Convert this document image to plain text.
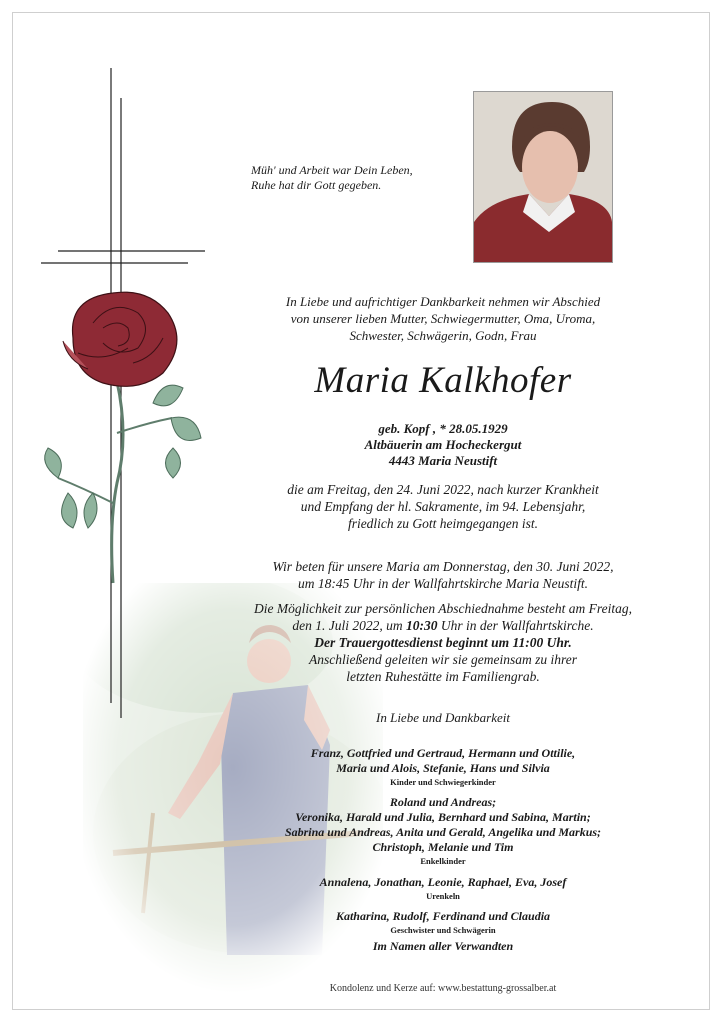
Müh' und Arbeit war Dein Leben,
Ruhe hat dir Gott gegeben.
In Liebe und aufrichtiger Dankbarkeit nehmen wir Abschied
von unserer lieben Mutter, Schwiegermutter, Oma, Uroma,
Schwester, Schwägerin, Godn, Frau
Maria Kalkhofer
geb. Kopf , * 28.05.1929
Altbäuerin am Hocheckergut
4443 Maria Neustift
die am Freitag, den 24. Juni 2022, nach kurzer Krankheit
und Empfang der hl. Sakramente, im 94. Lebensjahr,
friedlich zu Gott heimgegangen ist.
Wir beten für unsere Maria am Donnerstag, den 30. Juni 2022,
um 18:45 Uhr in der Wallfahrtskirche Maria Neustift.
Die Möglichkeit zur persönlichen Abschiednahme besteht am Freitag,
den 1. Juli 2022, um 10:30 Uhr in der Wallfahrtskirche.
Der Trauergottesdienst beginnt um 11:00 Uhr.
Anschließend geleiten wir sie gemeinsam zu ihrer
letzten Ruhestätte im Familiengrab.
In Liebe und Dankbarkeit
Franz, Gottfried und Gertraud, Hermann und Ottilie,
Maria und Alois, Stefanie, Hans und Silvia
Kinder und Schwiegerkinder
Roland und Andreas;
Veronika, Harald und Julia, Bernhard und Sabina, Martin;
Sabrina und Andreas, Anita und Gerald, Angelika und Markus;
Christoph, Melanie und Tim
Enkelkinder
Annalena, Jonathan, Leonie, Raphael, Eva, Josef
Urenkeln
Katharina, Rudolf, Ferdinand und Claudia
Geschwister und Schwägerin
Im Namen aller Verwandten
Kondolenz und Kerze auf: www.bestattung-grossalber.at
